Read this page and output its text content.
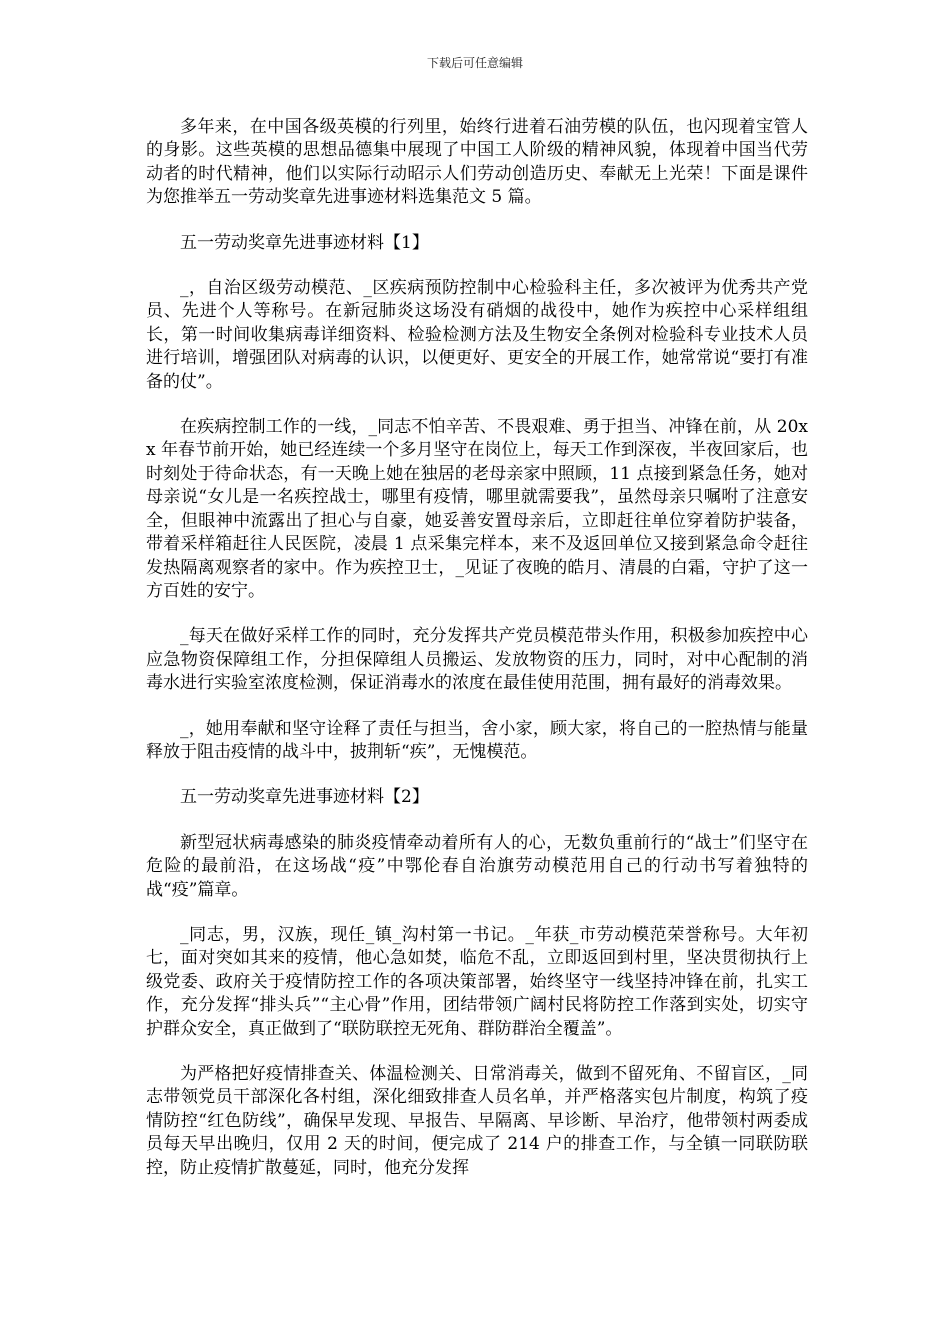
下载后可任意编辑

多年来，在中国各级英模的行列里，始终行进着石油劳模的队伍，也闪现着宝管人的身影。这些英模的思想品德集中展现了中国工人阶级的精神风貌，体现着中国当代劳动者的时代精神，他们以实际行动昭示人们劳动创造历史、奉献无上光荣！下面是课件为您推举五一劳动奖章先进事迹材料选集范文 5 篇。

五一劳动奖章先进事迹材料【1】

_，自治区级劳动模范、_区疾病预防控制中心检验科主任，多次被评为优秀共产党员、先进个人等称号。在新冠肺炎这场没有硝烟的战役中，她作为疾控中心采样组组长，第一时间收集病毒详细资料、检验检测方法及生物安全条例对检验科专业技术人员进行培训，增强团队对病毒的认识，以便更好、更安全的开展工作，她常常说“要打有准备的仗”。

在疾病控制工作的一线，_同志不怕辛苦、不畏艰难、勇于担当、冲锋在前，从 20xx 年春节前开始，她已经连续一个多月坚守在岗位上，每天工作到深夜，半夜回家后，也时刻处于待命状态，有一天晚上她在独居的老母亲家中照顾，11 点接到紧急任务，她对母亲说“女儿是一名疾控战士，哪里有疫情，哪里就需要我”，虽然母亲只嘱咐了注意安全，但眼神中流露出了担心与自豪，她妥善安置母亲后，立即赶往单位穿着防护装备，带着采样箱赶往人民医院，凌晨 1 点采集完样本，来不及返回单位又接到紧急命令赶往发热隔离观察者的家中。作为疾控卫士，_见证了夜晚的皓月、清晨的白霜，守护了这一方百姓的安宁。

_每天在做好采样工作的同时，充分发挥共产党员模范带头作用，积极参加疾控中心应急物资保障组工作，分担保障组人员搬运、发放物资的压力，同时，对中心配制的消毒水进行实验室浓度检测，保证消毒水的浓度在最佳使用范围，拥有最好的消毒效果。

_，她用奉献和坚守诠释了责任与担当，舍小家，顾大家，将自己的一腔热情与能量释放于阻击疫情的战斗中，披荆斩“疾”，无愧模范。

五一劳动奖章先进事迹材料【2】

新型冠状病毒感染的肺炎疫情牵动着所有人的心，无数负重前行的“战士”们坚守在危险的最前沿，在这场战“疫”中鄂伦春自治旗劳动模范用自己的行动书写着独特的战“疫”篇章。

_同志，男，汉族，现任_镇_沟村第一书记。_年获_市劳动模范荣誉称号。大年初七，面对突如其来的疫情，他心急如焚，临危不乱，立即返回到村里，坚决贯彻执行上级党委、政府关于疫情防控工作的各项决策部署，始终坚守一线坚持冲锋在前，扎实工作，充分发挥“排头兵”“主心骨”作用，团结带领广阔村民将防控工作落到实处，切实守护群众安全，真正做到了“联防联控无死角、群防群治全覆盖”。

为严格把好疫情排查关、体温检测关、日常消毒关，做到不留死角、不留盲区，_同志带领党员干部深化各村组，深化细致排查人员名单，并严格落实包片制度，构筑了疫情防控“红色防线”，确保早发现、早报告、早隔离、早诊断、早治疗，他带领村两委成员每天早出晚归，仅用 2 天的时间，便完成了 214 户的排查工作，与全镇一同联防联控，防止疫情扩散蔓延，同时，他充分发挥
